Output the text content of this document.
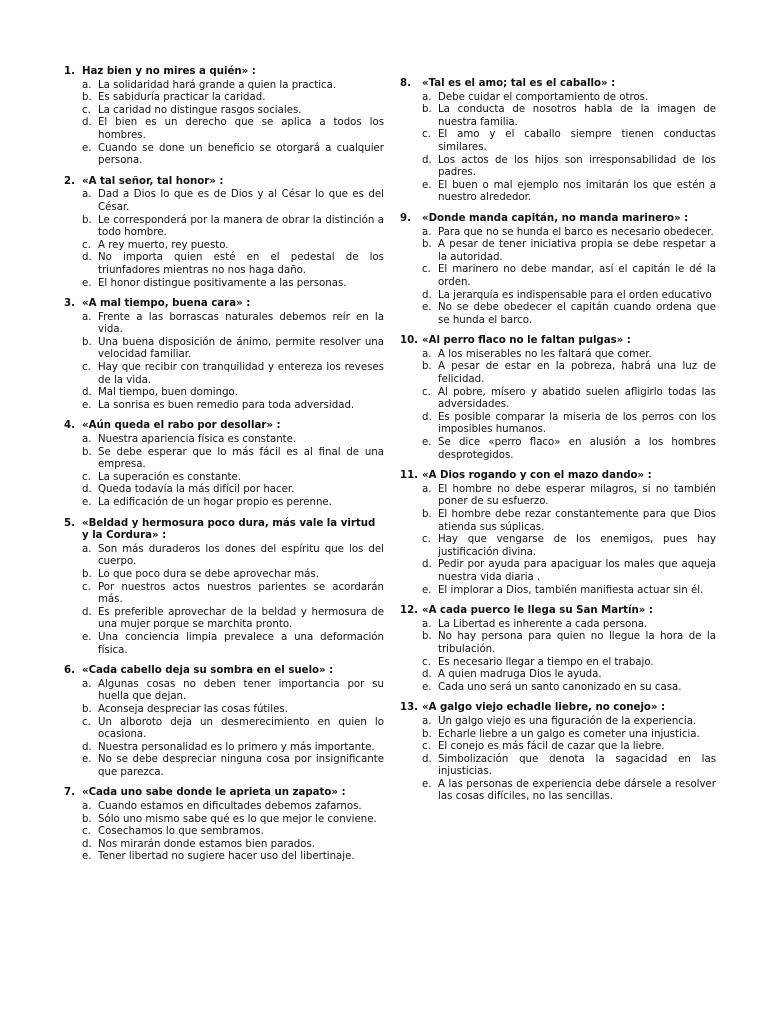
1. Haz bien y no mires a quién» :
a. La solidaridad hará grande a quien la practica.
b. Es sabiduría practicar la caridad.
c. La caridad no distingue rasgos sociales.
d. El bien es un derecho que se aplica a todos los hombres.
e. Cuando se done un beneficio se otorgará a cualquier persona.
2. «A tal señor, tal honor» :
a. Dad a Dios lo que es de Dios y al César lo que es del César.
b. Le corresponderá por la manera de obrar la distinción a todo hombre.
c. A rey muerto, rey puesto.
d. No importa quien esté en el pedestal de los triunfadores mientras no nos haga daño.
e. El honor distingue positivamente a las personas.
3. «A mal tiempo, buena cara» :
a. Frente a las borrascas naturales debemos reír en la vida.
b. Una buena disposición de ánimo, permite resolver una velocidad familiar.
c. Hay que recibir con tranquilidad y entereza los reveses de la vida.
d. Mal tiempo, buen domingo.
e. La sonrisa es buen remedio para toda adversidad.
4. «Aún queda el rabo por desollar» :
a. Nuestra apariencia física es constante.
b. Se debe esperar que lo más fácil es al final de una empresa.
c. La superación es constante.
d. Queda todavía la más difícil por hacer.
e. La edificación de un hogar propio es perenne.
5. «Beldad y hermosura poco dura, más vale la virtud y la Cordura» :
a. Son más duraderos los dones del espíritu que los del cuerpo.
b. Lo que poco dura se debe aprovechar más.
c. Por nuestros actos nuestros parientes se acordarán más.
d. Es preferible aprovechar de la beldad y hermosura de una mujer porque se marchita pronto.
e. Una conciencia limpia prevalece a una deformación física.
6. «Cada cabello deja su sombra en el suelo» :
a. Algunas cosas no deben tener importancia por su huella que dejan.
b. Aconseja despreciar las cosas fútiles.
c. Un alboroto deja un desmerecimiento en quien lo ocasiona.
d. Nuestra personalidad es lo primero y más importante.
e. No se debe despreciar ninguna cosa por insignificante que parezca.
7. «Cada uno sabe donde le aprieta un zapato» :
a. Cuando estamos en dificultades debemos zafarnos.
b. Sólo uno mismo sabe qué es lo que mejor le conviene.
c. Cosechamos lo que sembramos.
d. Nos mirarán donde estamos bien parados.
e. Tener libertad no sugiere hacer uso del libertinaje.
8.	«Tal es el amo; tal es el caballo» :
a. Debe cuidar el comportamiento de otros.
b. La conducta de nosotros habla de la imagen de nuestra familia.
c. El amo y el caballo siempre tienen conductas similares.
d. Los actos de los hijos son irresponsabilidad de los padres.
e. El buen o mal ejemplo nos imitarán los que estén a nuestro alrededor.
9.	«Donde manda capitán, no manda marinero» :
a. Para que no se hunda el barco es necesario obedecer.
b. A pesar de tener iniciativa propia se debe respetar a la autoridad.
c. El marinero no debe mandar, así el capitán le dé la orden.
d. La jerarquía es indispensable para el orden educativo
e. No se debe obedecer el capitán cuando ordena que se hunda el barco.
10. «Al perro flaco no le faltan pulgas» :
a. A los miserables no les faltará que comer.
b. A pesar de estar en la pobreza, habrá una luz de felicidad.
c. Al pobre, mísero y abatido suelen afligirlo todas las adversidades.
d. Es posible comparar la miseria de los perros con los imposibles humanos.
e. Se dice «perro flaco» en alusión a los hombres desprotegidos.
11. «A Dios rogando y con el mazo dando» :
a. El hombre no debe esperar milagros, si no también poner de su esfuerzo.
b. El hombre debe rezar constantemente para que Dios atienda sus súplicas.
c. Hay que vengarse de los enemigos, pues hay justificación divina.
d. Pedir por ayuda para apaciguar los males que aqueja nuestra vida diaria .
e. El implorar a Dios, también manifiesta actuar sin él.
12. «A cada puerco le llega su San Martín» :
a. La Libertad es inherente a cada persona.
b. No hay persona para quien no llegue la hora de la tribulación.
c. Es necesario llegar a tiempo en el trabajo.
d. A quien madruga Dios le ayuda.
e. Cada uno será un santo canonizado en su casa.
13. «A galgo viejo echadle liebre, no conejo» :
a. Un galgo viejo es una figuración de la experiencia.
b. Echarle liebre a un galgo es cometer una injusticia.
c. El conejo es más fácil de cazar que la liebre.
d. Simbolización que denota la sagacidad en las injusticias.
e. A las personas de experiencia debe dársele a resolver las cosas difíciles, no las sencillas.
